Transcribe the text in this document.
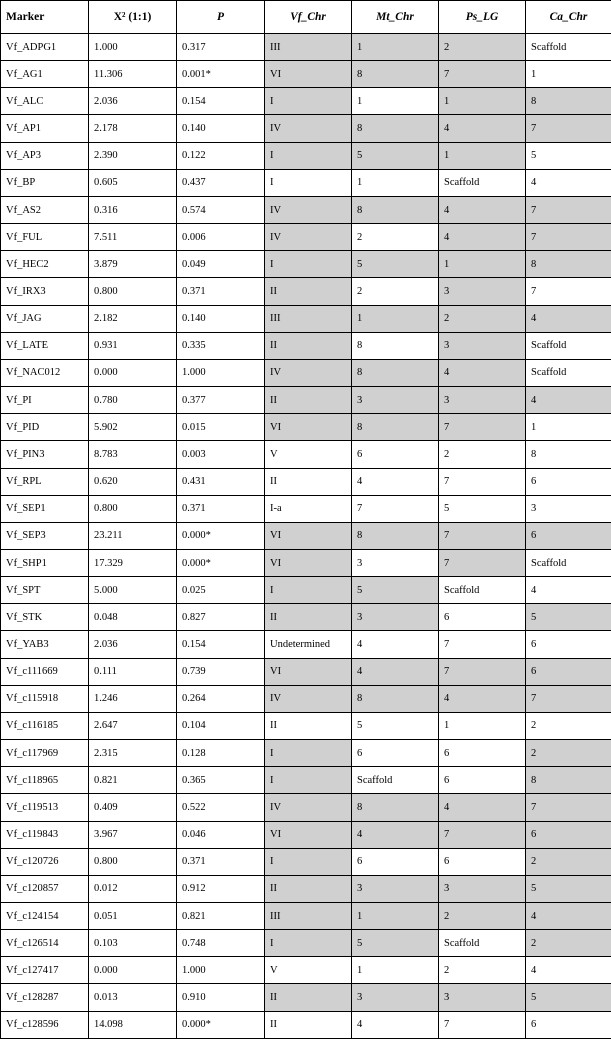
Marker	X² (1:1)	P	Vf_Chr	Mt_Chr	Ps_LG	Ca_Chr
Vf_ADPG1	1.000	0.317	III	1	2	Scaffold
Vf_AG1	11.306	0.001*	VI	8	7	1
Vf_ALC	2.036	0.154	I	1	1	8
Vf_AP1	2.178	0.140	IV	8	4	7
Vf_AP3	2.390	0.122	I	5	1	5
Vf_BP	0.605	0.437	I	1	Scaffold	4
Vf_AS2	0.316	0.574	IV	8	4	7
Vf_FUL	7.511	0.006	IV	2	4	7
Vf_HEC2	3.879	0.049	I	5	1	8
Vf_IRX3	0.800	0.371	II	2	3	7
Vf_JAG	2.182	0.140	III	1	2	4
Vf_LATE	0.931	0.335	II	8	3	Scaffold
Vf_NAC012	0.000	1.000	IV	8	4	Scaffold
Vf_PI	0.780	0.377	II	3	3	4
Vf_PID	5.902	0.015	VI	8	7	1
Vf_PIN3	8.783	0.003	V	6	2	8
Vf_RPL	0.620	0.431	II	4	7	6
Vf_SEP1	0.800	0.371	I-a	7	5	3
Vf_SEP3	23.211	0.000*	VI	8	7	6
Vf_SHP1	17.329	0.000*	VI	3	7	Scaffold
Vf_SPT	5.000	0.025	I	5	Scaffold	4
Vf_STK	0.048	0.827	II	3	6	5
Vf_YAB3	2.036	0.154	Undetermined	4	7	6
Vf_c111669	0.111	0.739	VI	4	7	6
Vf_c115918	1.246	0.264	IV	8	4	7
Vf_c116185	2.647	0.104	II	5	1	2
Vf_c117969	2.315	0.128	I	6	6	2
Vf_c118965	0.821	0.365	I	Scaffold	6	8
Vf_c119513	0.409	0.522	IV	8	4	7
Vf_c119843	3.967	0.046	VI	4	7	6
Vf_c120726	0.800	0.371	I	6	6	2
Vf_c120857	0.012	0.912	II	3	3	5
Vf_c124154	0.051	0.821	III	1	2	4
Vf_c126514	0.103	0.748	I	5	Scaffold	2
Vf_c127417	0.000	1.000	V	1	2	4
Vf_c128287	0.013	0.910	II	3	3	5
Vf_c128596	14.098	0.000*	II	4	7	6
